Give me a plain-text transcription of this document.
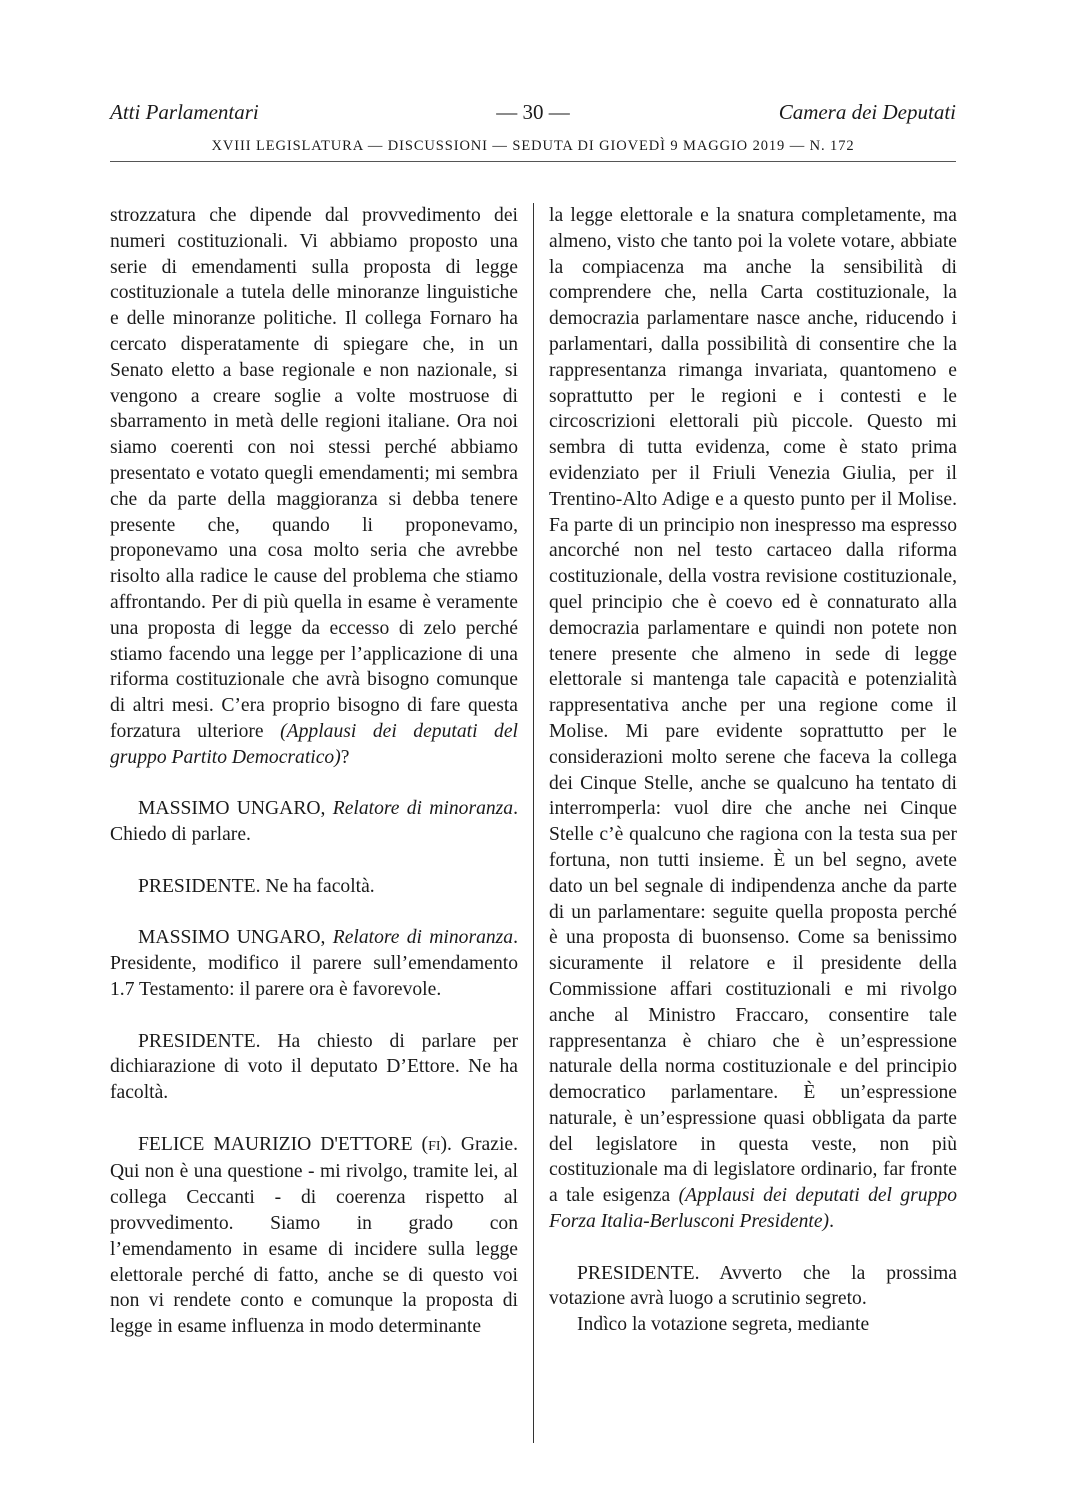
Atti Parlamentari	— 30 —	Camera dei Deputati
XVIII LEGISLATURA — DISCUSSIONI — SEDUTA DI GIOVEDÌ 9 MAGGIO 2019 — N. 172

strozzatura che dipende dal provvedimento dei numeri costituzionali. Vi abbiamo proposto una serie di emendamenti sulla proposta di legge costituzionale a tutela delle minoranze linguistiche e delle minoranze politiche. Il collega Fornaro ha cercato disperatamente di spiegare che, in un Senato eletto a base regionale e non nazionale, si vengono a creare soglie a volte mostruose di sbarramento in metà delle regioni italiane. Ora noi siamo coerenti con noi stessi perché abbiamo presentato e votato quegli emendamenti; mi sembra che da parte della maggioranza si debba tenere presente che, quando li proponevamo, proponevamo una cosa molto seria che avrebbe risolto alla radice le cause del problema che stiamo affrontando. Per di più quella in esame è veramente una proposta di legge da eccesso di zelo perché stiamo facendo una legge per l’applicazione di una riforma costituzionale che avrà bisogno comunque di altri mesi. C’era proprio bisogno di fare questa forzatura ulteriore (Applausi dei deputati del gruppo Partito Democratico)?

MASSIMO UNGARO, Relatore di minoranza. Chiedo di parlare.

PRESIDENTE. Ne ha facoltà.

MASSIMO UNGARO, Relatore di minoranza. Presidente, modifico il parere sull’emendamento 1.7 Testamento: il parere ora è favorevole.

PRESIDENTE. Ha chiesto di parlare per dichiarazione di voto il deputato D’Ettore. Ne ha facoltà.

FELICE MAURIZIO D'ETTORE (FI). Grazie. Qui non è una questione - mi rivolgo, tramite lei, al collega Ceccanti - di coerenza rispetto al provvedimento. Siamo in grado con l’emendamento in esame di incidere sulla legge elettorale perché di fatto, anche se di questo voi non vi rendete conto e comunque la proposta di legge in esame influenza in modo determinante

la legge elettorale e la snatura completamente, ma almeno, visto che tanto poi la volete votare, abbiate la compiacenza ma anche la sensibilità di comprendere che, nella Carta costituzionale, la democrazia parlamentare nasce anche, riducendo i parlamentari, dalla possibilità di consentire che la rappresentanza rimanga invariata, quantomeno e soprattutto per le regioni e i contesti e le circoscrizioni elettorali più piccole. Questo mi sembra di tutta evidenza, come è stato prima evidenziato per il Friuli Venezia Giulia, per il Trentino-Alto Adige e a questo punto per il Molise. Fa parte di un principio non inespresso ma espresso ancorché non nel testo cartaceo dalla riforma costituzionale, della vostra revisione costituzionale, quel principio che è coevo ed è connaturato alla democrazia parlamentare e quindi non potete non tenere presente che almeno in sede di legge elettorale si mantenga tale capacità e potenzialità rappresentativa anche per una regione come il Molise. Mi pare evidente soprattutto per le considerazioni molto serene che faceva la collega dei Cinque Stelle, anche se qualcuno ha tentato di interromperla: vuol dire che anche nei Cinque Stelle c’è qualcuno che ragiona con la testa sua per fortuna, non tutti insieme. È un bel segno, avete dato un bel segnale di indipendenza anche da parte di un parlamentare: seguite quella proposta perché è una proposta di buonsenso. Come sa benissimo sicuramente il relatore e il presidente della Commissione affari costituzionali e mi rivolgo anche al Ministro Fraccaro, consentire tale rappresentanza è chiaro che è un’espressione naturale della norma costituzionale e del principio democratico parlamentare. È un’espressione naturale, è un’espressione quasi obbligata da parte del legislatore in questa veste, non più costituzionale ma di legislatore ordinario, far fronte a tale esigenza (Applausi dei deputati del gruppo Forza Italia-Berlusconi Presidente).

PRESIDENTE. Avverto che la prossima votazione avrà luogo a scrutinio segreto.

Indìco la votazione segreta, mediante
